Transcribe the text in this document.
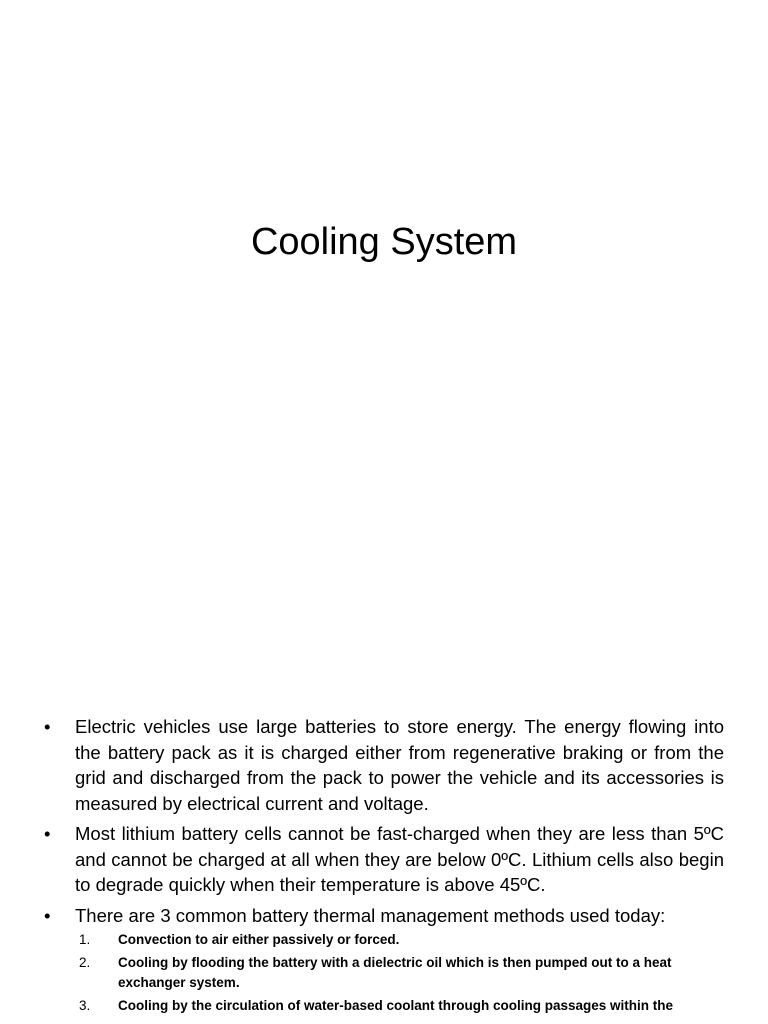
Cooling System
•	Electric vehicles use large batteries to store energy. The energy flowing into the battery pack as it is charged either from regenerative braking or from the grid and discharged from the pack to power the vehicle and its accessories is measured by electrical current and voltage.
•	Most lithium battery cells cannot be fast-charged when they are less than 5ºC and cannot be charged at all when they are below 0ºC. Lithium cells also begin to degrade quickly when their temperature is above 45ºC.
•	There are 3 common battery thermal management methods used today:
1. Convection to air either passively or forced.
2. Cooling by flooding the battery with a dielectric oil which is then pumped out to a heat exchanger system.
3. Cooling by the circulation of water-based coolant through cooling passages within the
